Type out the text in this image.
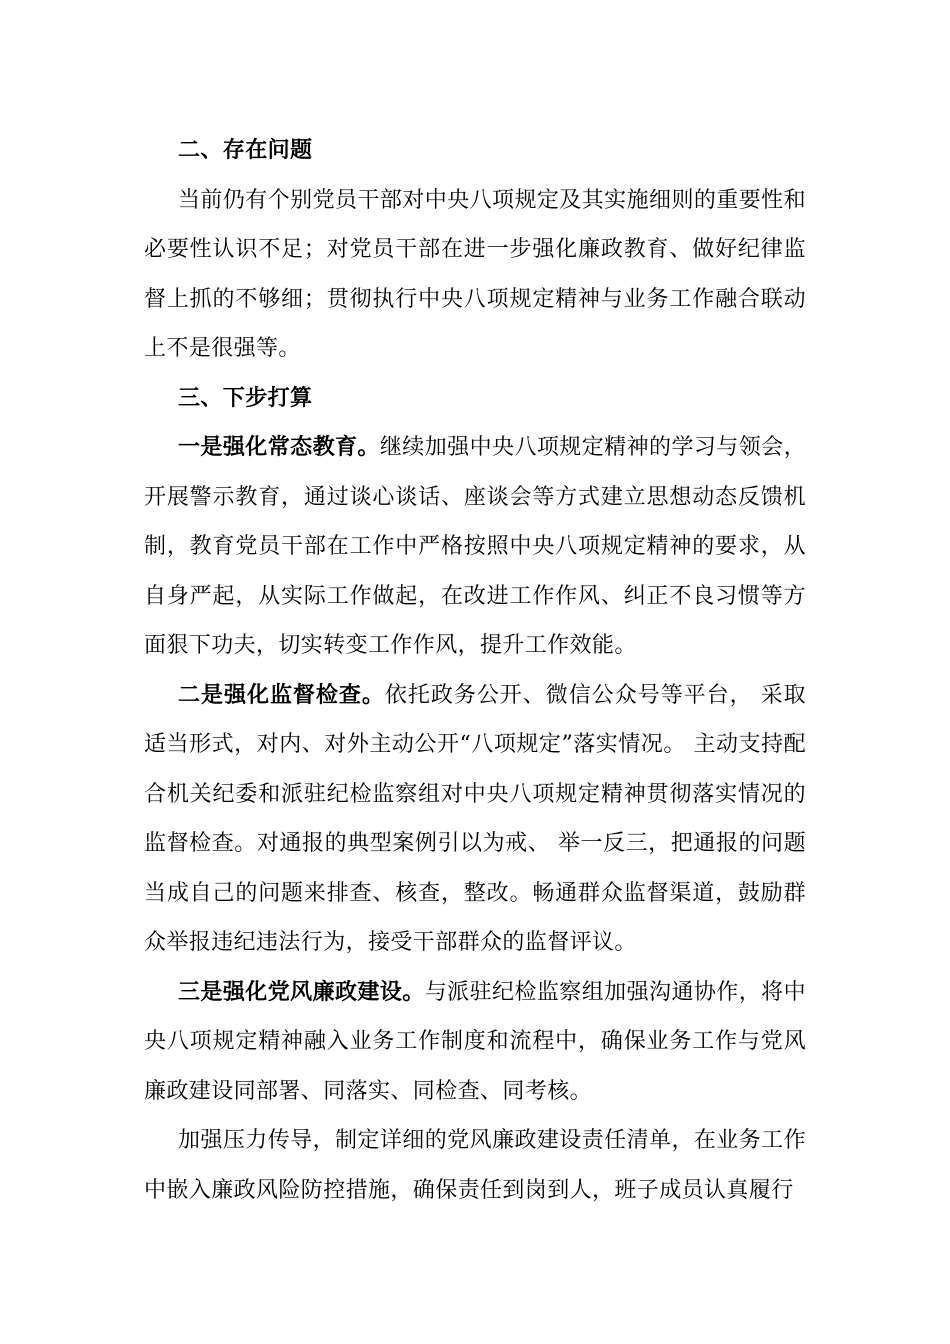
二、存在问题

当前仍有个别党员干部对中央八项规定及其实施细则的重要性和必要性认识不足；对党员干部在进一步强化廉政教育、做好纪律监督上抓的不够细；贯彻执行中央八项规定精神与业务工作融合联动上不是很强等。

三、下步打算

一是强化常态教育。继续加强中央八项规定精神的学习与领会，开展警示教育，通过谈心谈话、座谈会等方式建立思想动态反馈机制，教育党员干部在工作中严格按照中央八项规定精神的要求，从自身严起，从实际工作做起，在改进工作作风、纠正不良习惯等方面狠下功夫，切实转变工作作风，提升工作效能。

二是强化监督检查。依托政务公开、微信公众号等平台， 采取适当形式，对内、对外主动公开“八项规定”落实情况。 主动支持配合机关纪委和派驻纪检监察组对中央八项规定精神贯彻落实情况的监督检查。对通报的典型案例引以为戒、 举一反三，把通报的问题当成自己的问题来排查、核查，整改。畅通群众监督渠道，鼓励群众举报违纪违法行为，接受干部群众的监督评议。

三是强化党风廉政建设。与派驻纪检监察组加强沟通协作，将中央八项规定精神融入业务工作制度和流程中，确保业务工作与党风廉政建设同部署、同落实、同检查、同考核。

加强压力传导，制定详细的党风廉政建设责任清单，在业务工作中嵌入廉政风险防控措施，确保责任到岗到人，班子成员认真履行
